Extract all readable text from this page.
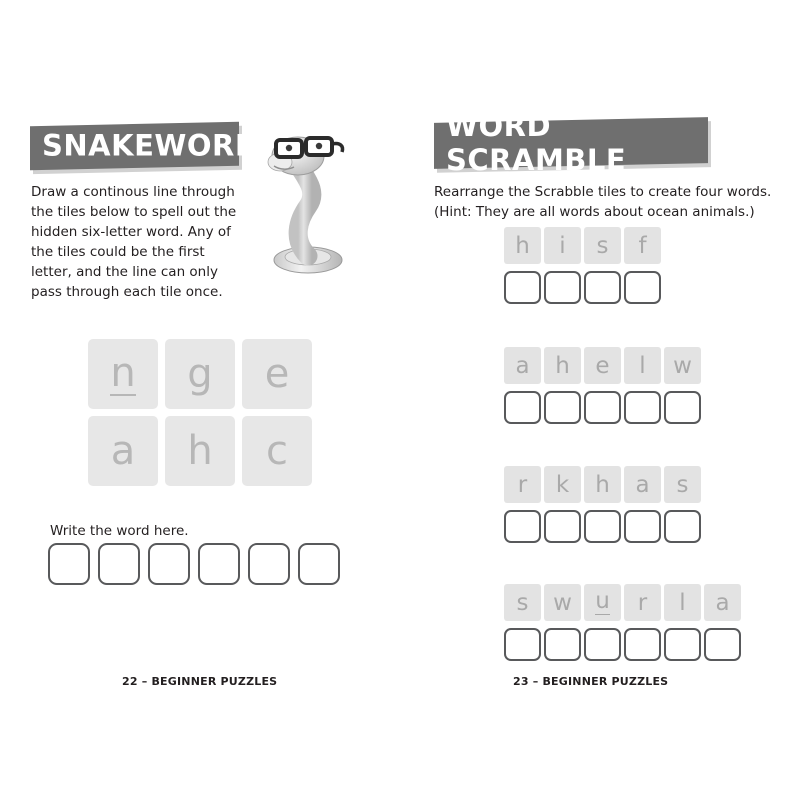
SNAKEWORD
Draw a continous line through the tiles below to spell out the hidden six-letter word. Any of the tiles could be the first letter, and the line can only pass through each tile once.
n g e
a h c
Write the word here.
22 – BEGINNER PUZZLES
WORD SCRAMBLE
Rearrange the Scrabble tiles to create four words. (Hint: They are all words about ocean animals.)
h i s f
a h e l w
r k h a s
s w u r l a
23 – BEGINNER PUZZLES
